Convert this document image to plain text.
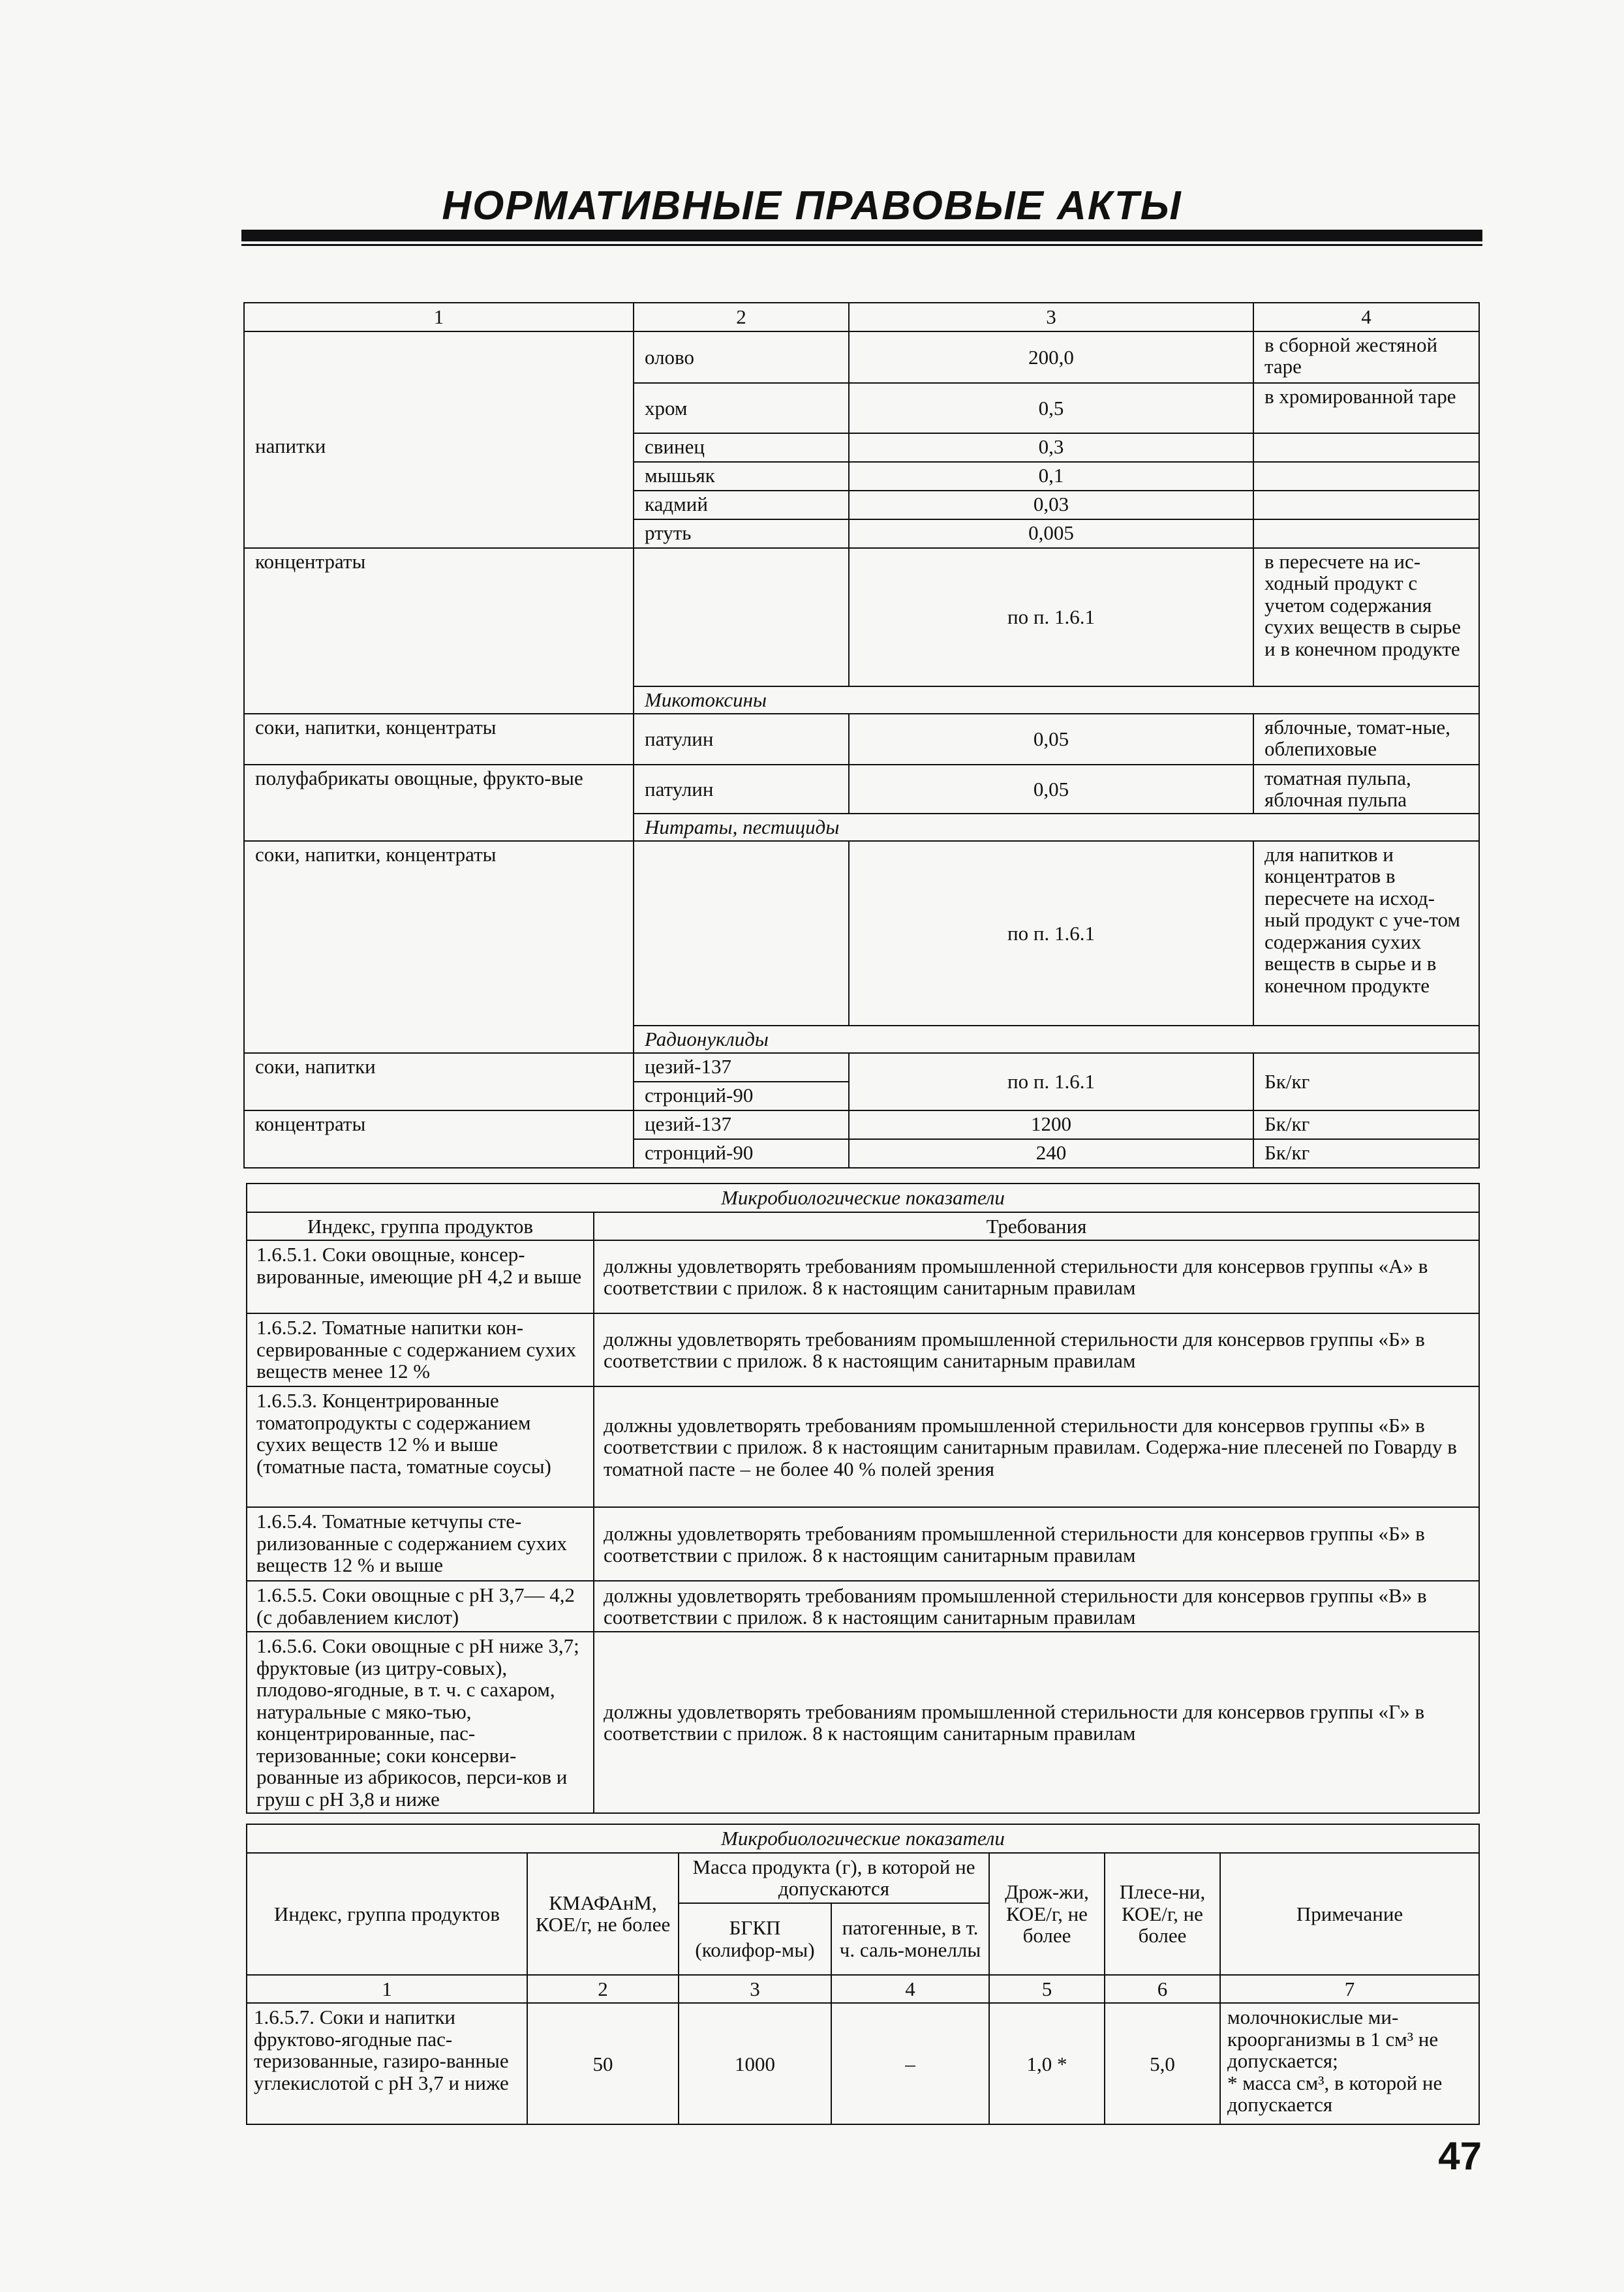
НОРМАТИВНЫЕ ПРАВОВЫЕ АКТЫ
1	2	3	4
	олово	200,0	в сборной жестяной таре
	хром	0,5	в хромированной таре
напитки	свинец	0,3	
	мышьяк	0,1	
	кадмий	0,03	
	ртуть	0,005	
концентраты		по п. 1.6.1	в пересчете на ис-ходный продукт с учетом содержания сухих веществ в сырье и в конечном продукте
	Микотоксины		
соки, напитки, концентраты	патулин	0,05	яблочные, томат-ные, облепиховые
полуфабрикаты овощные, фрукто-вые	патулин	0,05	томатная пульпа, яблочная пульпа
	Нитраты, пестициды		
соки, напитки, концентраты		по п. 1.6.1	для напитков и концентратов в пересчете на исход-ный продукт с уче-том содержания сухих веществ в сырье и в конечном продукте
	Радионуклиды		
соки, напитки	цезий-137	по п. 1.6.1	Бк/кг
	стронций-90		
концентраты	цезий-137	1200	Бк/кг
	стронций-90	240	Бк/кг
Микробиологические показатели	
Индекс, группа продуктов	Требования
1.6.5.1. Соки овощные, консер-вированные, имеющие рН 4,2 и выше	должны удовлетворять требованиям промышленной стерильности для консервов группы «А» в соответствии с прилож. 8 к настоящим санитарным правилам
1.6.5.2. Томатные напитки кон-сервированные с содержанием сухих веществ менее 12 %	должны удовлетворять требованиям промышленной стерильности для консервов группы «Б» в соответствии с прилож. 8 к настоящим санитарным правилам
1.6.5.3. Концентрированные томатопродукты с содержанием сухих веществ 12 % и выше (томатные паста, томатные соусы)	должны удовлетворять требованиям промышленной стерильности для консервов группы «Б» в соответствии с прилож. 8 к настоящим санитарным правилам. Содержа-ние плесеней по Говарду в томатной пасте – не более 40 % полей зрения
1.6.5.4. Томатные кетчупы сте-рилизованные с содержанием сухих веществ 12 % и выше	должны удовлетворять требованиям промышленной стерильности для консервов группы «Б» в соответствии с прилож. 8 к настоящим санитарным правилам
1.6.5.5. Соки овощные с рН 3,7— 4,2 (с добавлением кислот)	должны удовлетворять требованиям промышленной стерильности для консервов группы «В» в соответствии с прилож. 8 к настоящим санитарным правилам
1.6.5.6. Соки овощные с рН ниже 3,7; фруктовые (из цитру-совых), плодово-ягодные, в т. ч. с сахаром, натуральные с мяко-тью, концентрированные, пас-теризованные; соки консерви-рованные из абрикосов, перси-ков и груш с рН 3,8 и ниже	должны удовлетворять требованиям промышленной стерильности для консервов группы «Г» в соответствии с прилож. 8 к настоящим санитарным правилам
Микробиологические показатели						
Индекс, группа продуктов	КМАФАнМ, КОЕ/г, не более	Масса продукта (г), в которой не допускаются		Дрож-жи, КОЕ/г, не более	Плесе-ни, КОЕ/г, не более	Примечание
		БГКП (колифор-мы)	патогенные, в т. ч. саль-монеллы			
1	2	3	4	5	6	7
1.6.5.7. Соки и напитки фруктово-ягодные пас-теризованные, газиро-ванные углекислотой с рН 3,7 и ниже	50	1000	–	1,0 *	5,0	молочнокислые ми-кроорганизмы в 1 см³ не допускается;
* масса см³, в которой не допускается
47
